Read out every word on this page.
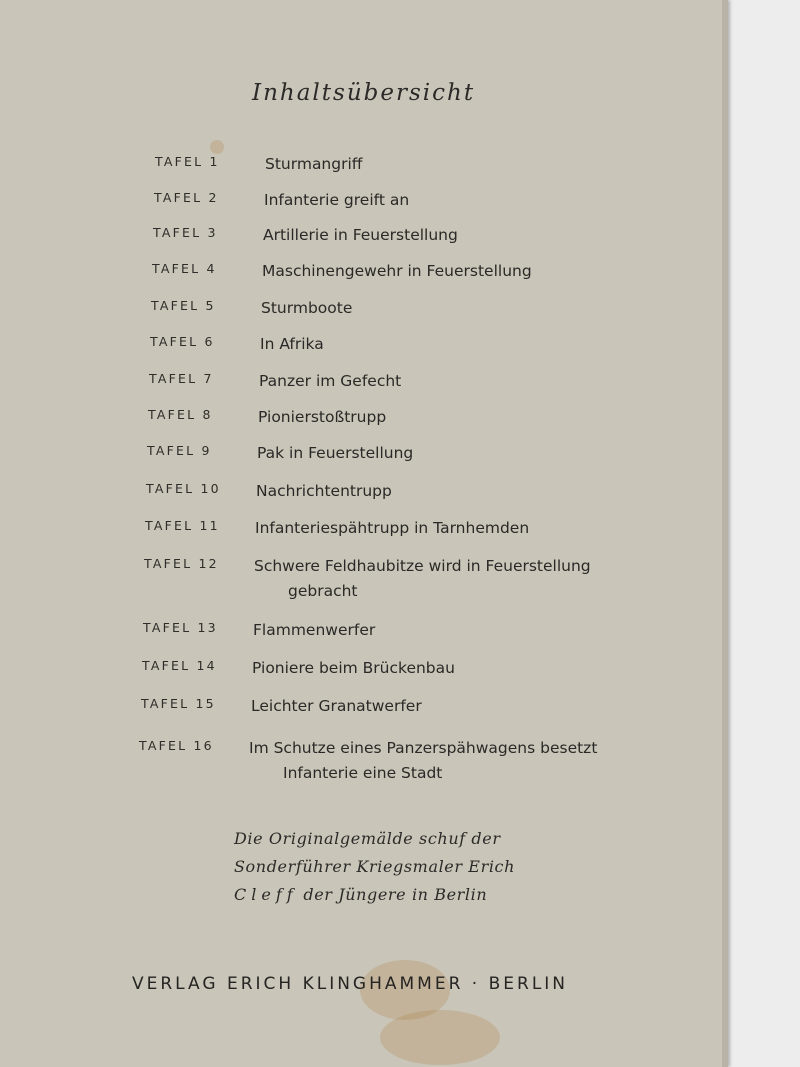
Inhaltsübersicht
TAFEL 1	Sturmangriff
TAFEL 2	Infanterie greift an
TAFEL 3	Artillerie in Feuerstellung
TAFEL 4	Maschinengewehr in Feuerstellung
TAFEL 5	Sturmboote
TAFEL 6	In Afrika
TAFEL 7	Panzer im Gefecht
TAFEL 8	Pionierstoßtrupp
TAFEL 9	Pak in Feuerstellung
TAFEL 10 Nachrichtentrupp
TAFEL 11 Infanteriespähtrupp in Tarnhemden
TAFEL 12 Schwere Feldhaubitze wird in Feuerstellung
gebracht
TAFEL 13 Flammenwerfer
TAFEL 14 Pioniere beim Brückenbau
TAFEL 15 Leichter Granatwerfer
TAFEL 16 Im Schutze eines Panzerspähwagens besetzt
Infanterie eine Stadt
Die Originalgemälde schuf der
Sonderführer Kriegsmaler Erich
Cleff der Jüngere in Berlin
VERLAG ERICH KLINGHAMMER · BERLIN
